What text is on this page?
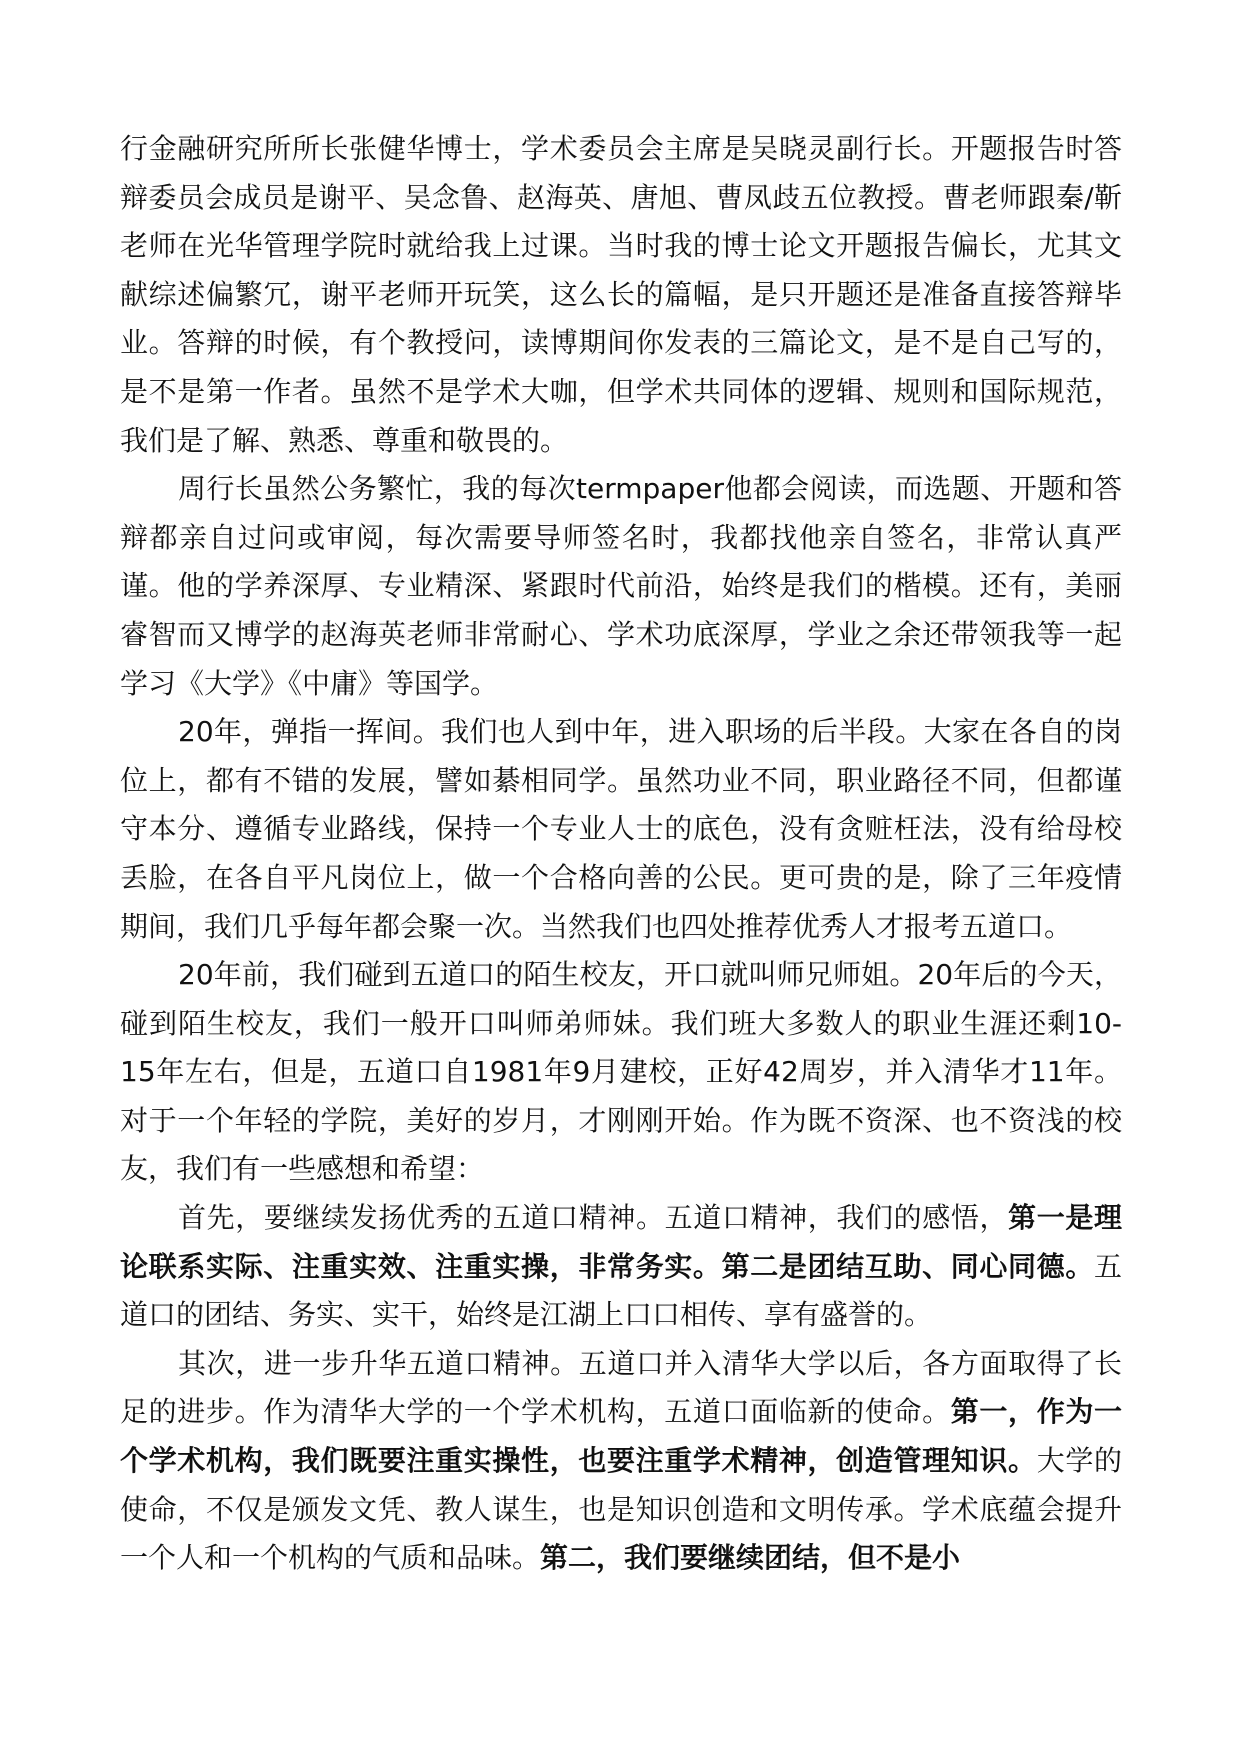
行金融研究所所长张健华博士，学术委员会主席是吴晓灵副行长。开题报告时答辩委员会成员是谢平、吴念鲁、赵海英、唐旭、曹凤歧五位教授。曹老师跟秦/靳老师在光华管理学院时就给我上过课。当时我的博士论文开题报告偏长，尤其文献综述偏繁冗，谢平老师开玩笑，这么长的篇幅，是只开题还是准备直接答辩毕业。答辩的时候，有个教授问，读博期间你发表的三篇论文，是不是自己写的，是不是第一作者。虽然不是学术大咖，但学术共同体的逻辑、规则和国际规范，我们是了解、熟悉、尊重和敬畏的。

周行长虽然公务繁忙，我的每次termpaper他都会阅读，而选题、开题和答辩都亲自过问或审阅，每次需要导师签名时，我都找他亲自签名，非常认真严谨。他的学养深厚、专业精深、紧跟时代前沿，始终是我们的楷模。还有，美丽睿智而又博学的赵海英老师非常耐心、学术功底深厚，学业之余还带领我等一起学习《大学》《中庸》等国学。

20年，弹指一挥间。我们也人到中年，进入职场的后半段。大家在各自的岗位上，都有不错的发展，譬如綦相同学。虽然功业不同，职业路径不同，但都谨守本分、遵循专业路线，保持一个专业人士的底色，没有贪赃枉法，没有给母校丢脸，在各自平凡岗位上，做一个合格向善的公民。更可贵的是，除了三年疫情期间，我们几乎每年都会聚一次。当然我们也四处推荐优秀人才报考五道口。

20年前，我们碰到五道口的陌生校友，开口就叫师兄师姐。20年后的今天，碰到陌生校友，我们一般开口叫师弟师妹。我们班大多数人的职业生涯还剩10-15年左右，但是，五道口自1981年9月建校，正好42周岁，并入清华才11年。对于一个年轻的学院，美好的岁月，才刚刚开始。作为既不资深、也不资浅的校友，我们有一些感想和希望：

首先，要继续发扬优秀的五道口精神。五道口精神，我们的感悟，第一是理论联系实际、注重实效、注重实操，非常务实。第二是团结互助、同心同德。五道口的团结、务实、实干，始终是江湖上口口相传、享有盛誉的。

其次，进一步升华五道口精神。五道口并入清华大学以后，各方面取得了长足的进步。作为清华大学的一个学术机构，五道口面临新的使命。第一，作为一个学术机构，我们既要注重实操性，也要注重学术精神，创造管理知识。大学的使命，不仅是颁发文凭、教人谋生，也是知识创造和文明传承。学术底蕴会提升一个人和一个机构的气质和品味。第二，我们要继续团结，但不是小
